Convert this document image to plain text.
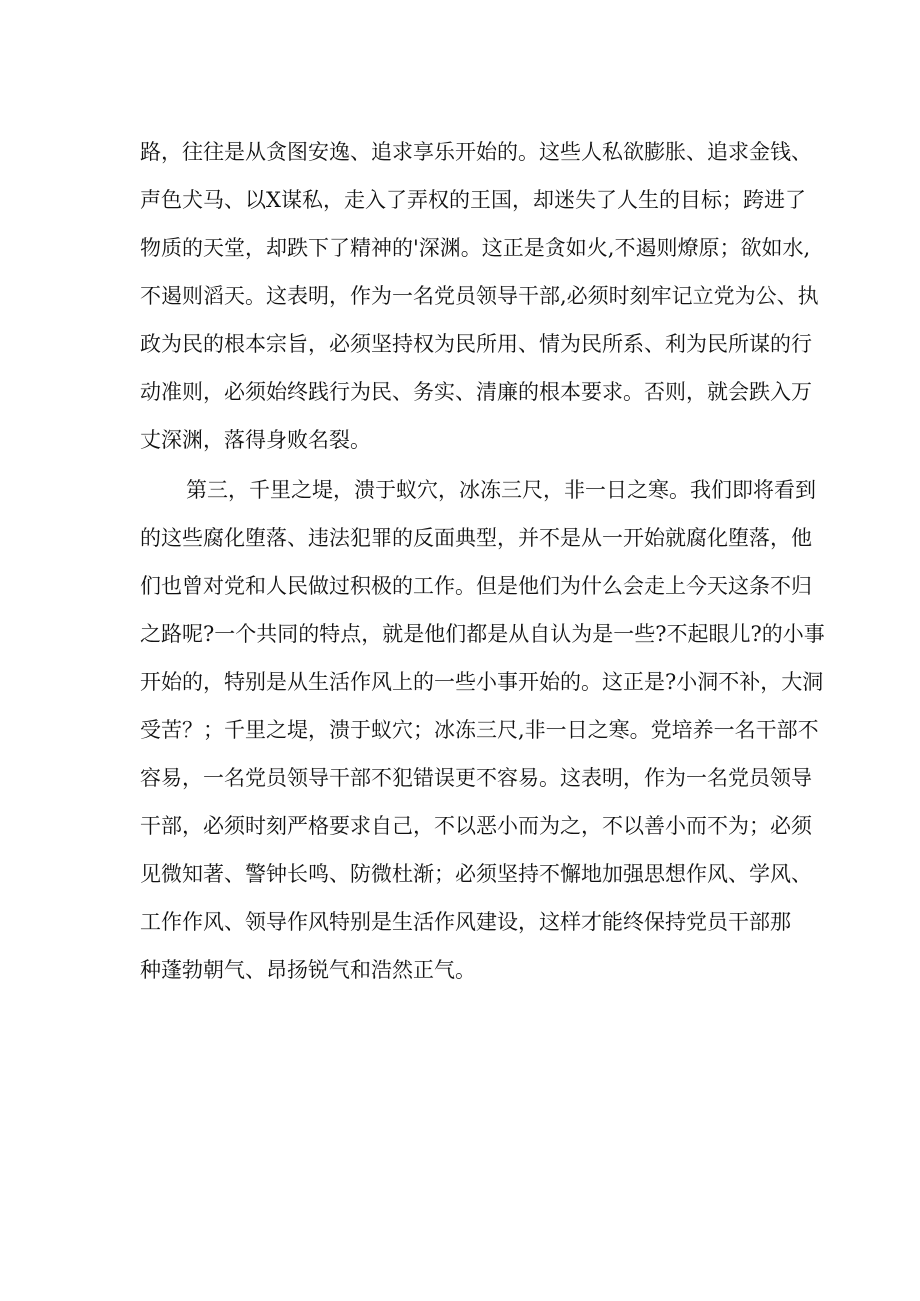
路，往往是从贪图安逸、追求享乐开始的。这些人私欲膨胀、追求金钱、
声色犬马、以X谋私，走入了弄权的王国，却迷失了人生的目标；跨进了
物质的天堂，却跌下了精神的'深渊。这正是贪如火,不遏则燎原；欲如水,
不遏则滔天。这表明，作为一名党员领导干部,必须时刻牢记立党为公、执
政为民的根本宗旨，必须坚持权为民所用、情为民所系、利为民所谋的行
动准则，必须始终践行为民、务实、清廉的根本要求。否则，就会跌入万
丈深渊，落得身败名裂。
第三，千里之堤，溃于蚁穴，冰冻三尺，非一日之寒。我们即将看到
的这些腐化堕落、违法犯罪的反面典型，并不是从一开始就腐化堕落，他
们也曾对党和人民做过积极的工作。但是他们为什么会走上今天这条不归
之路呢?一个共同的特点，就是他们都是从自认为是一些?不起眼儿?的小事
开始的，特别是从生活作风上的一些小事开始的。这正是?小洞不补，大洞
受苦？；千里之堤，溃于蚁穴；冰冻三尺,非一日之寒。党培养一名干部不
容易，一名党员领导干部不犯错误更不容易。这表明，作为一名党员领导
干部，必须时刻严格要求自己，不以恶小而为之，不以善小而不为；必须
见微知著、警钟长鸣、防微杜渐；必须坚持不懈地加强思想作风、学风、
工作作风、领导作风特别是生活作风建设，这样才能终保持党员干部那
种蓬勃朝气、昂扬锐气和浩然正气。
